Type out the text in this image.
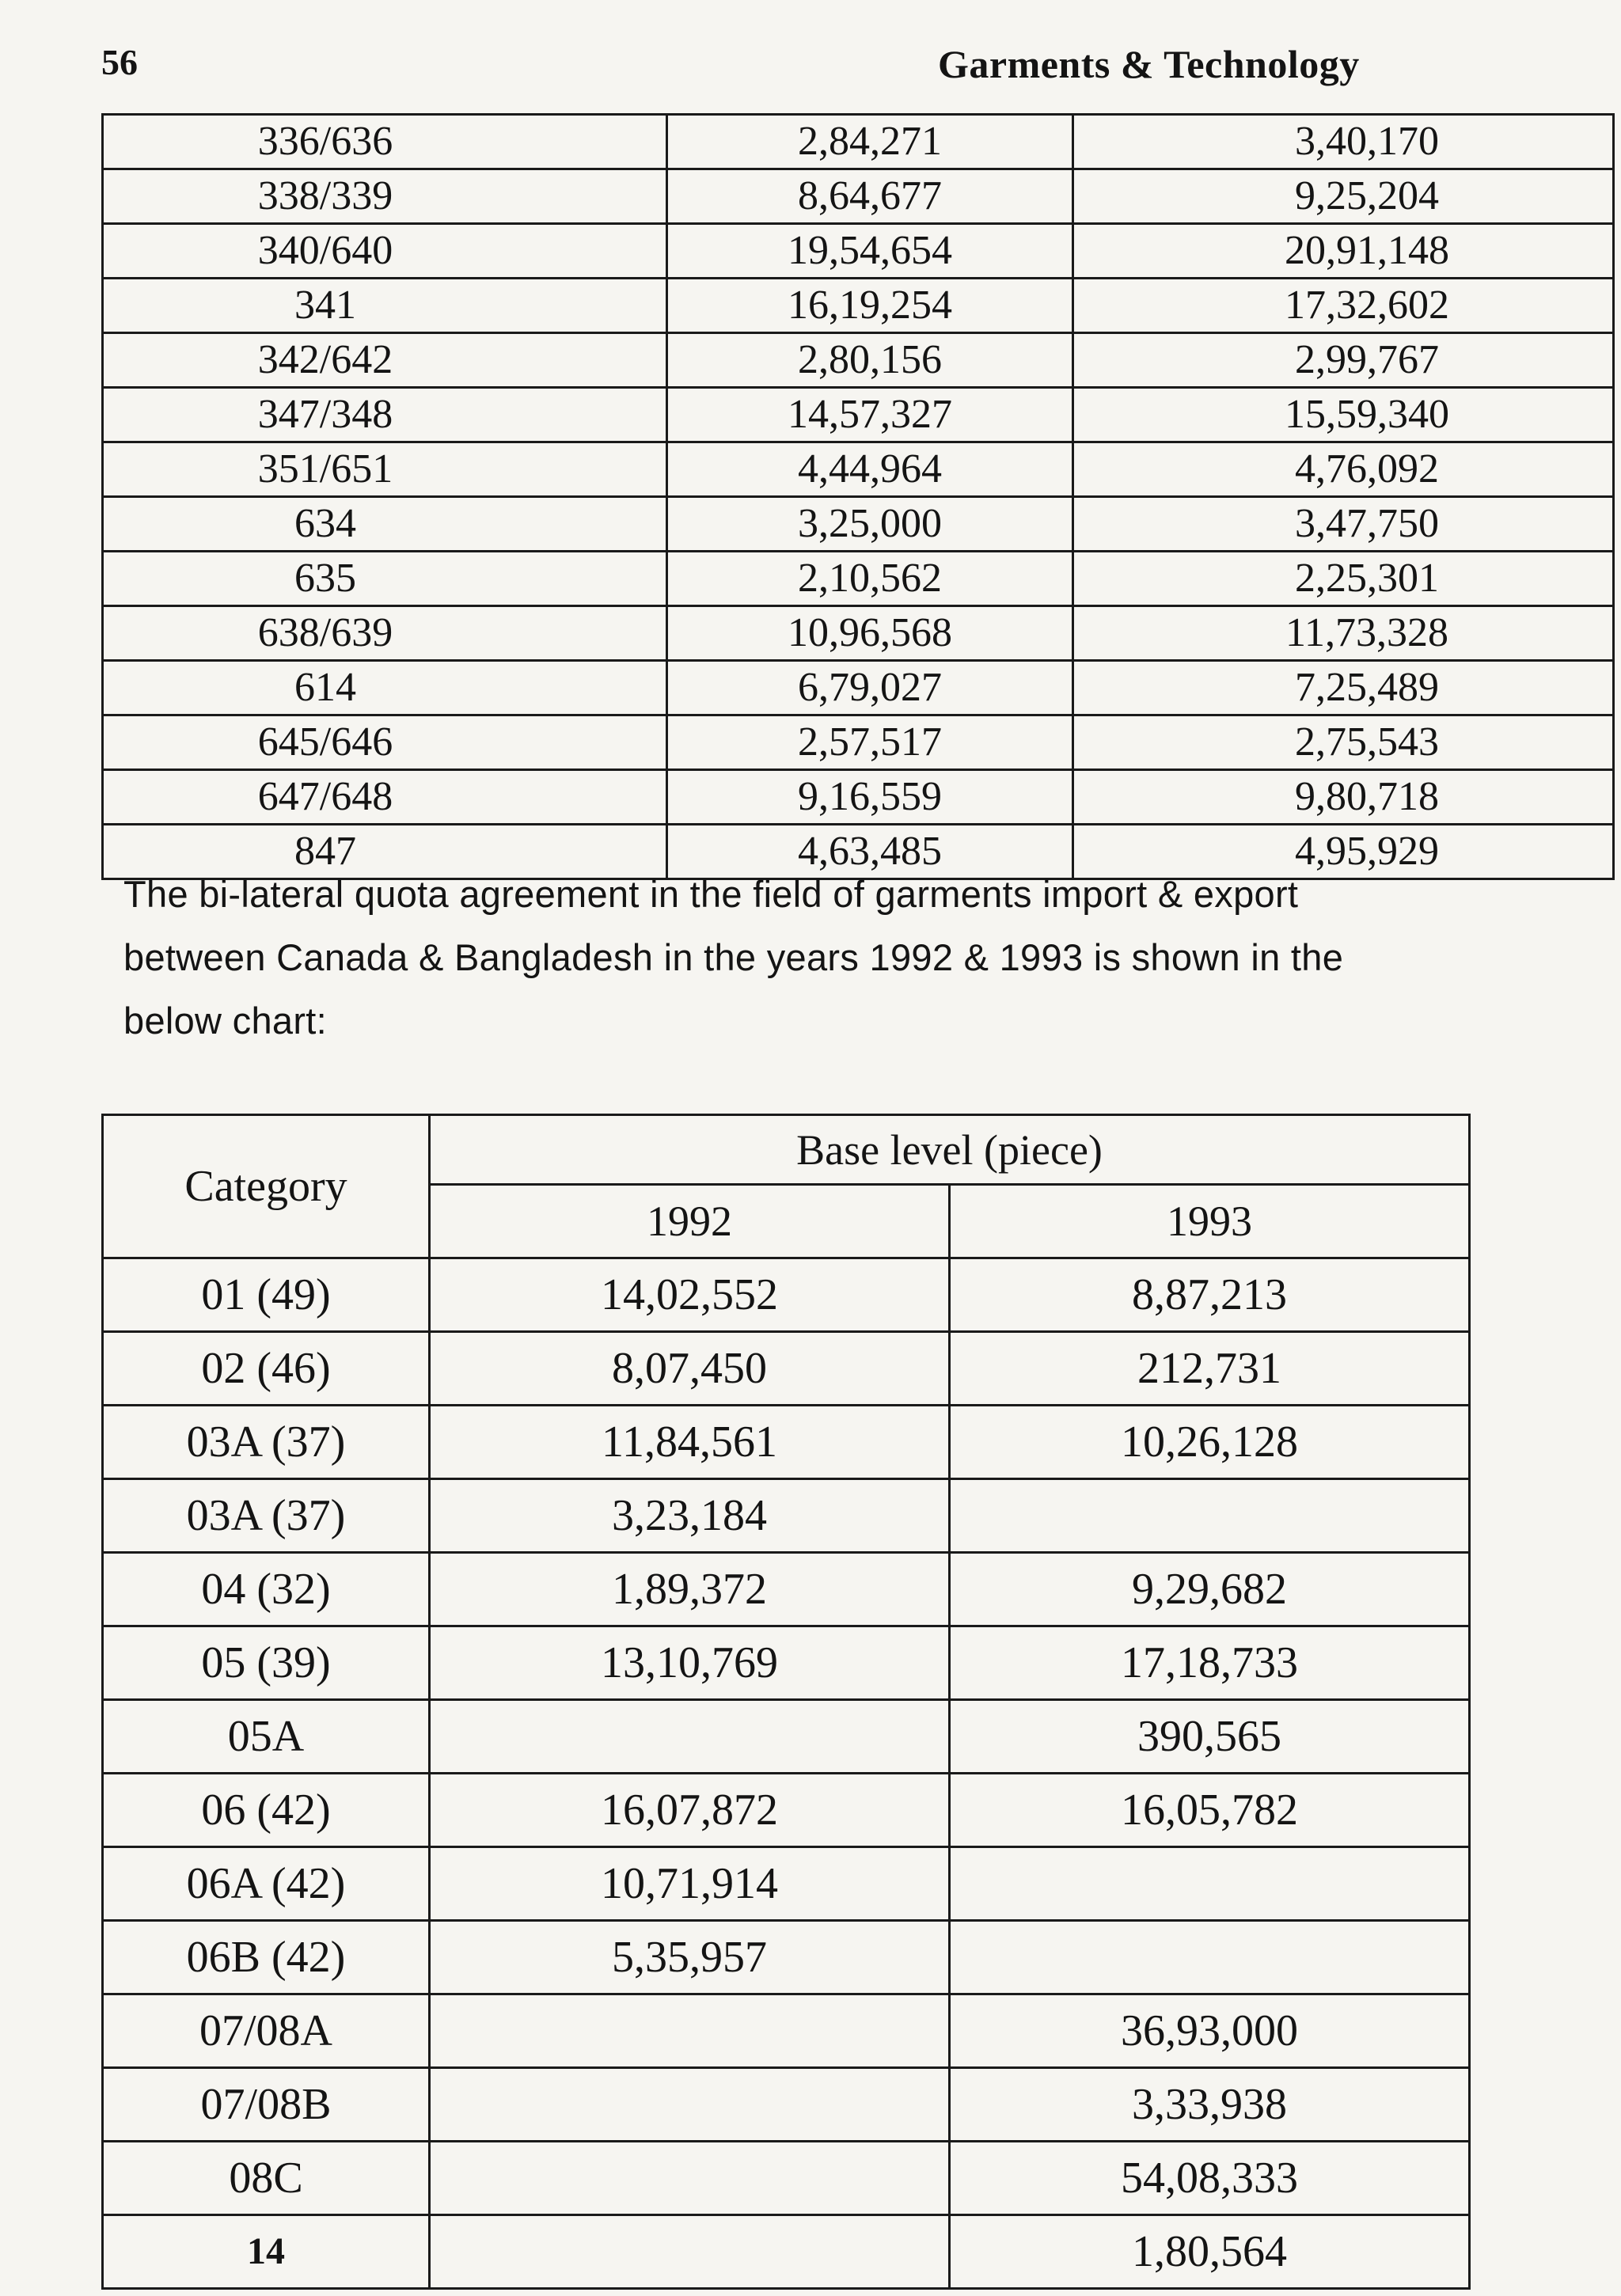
56	Garments & Technology
336/636	2,84,271	3,40,170
338/339	8,64,677	9,25,204
340/640	19,54,654	20,91,148
341	16,19,254	17,32,602
342/642	2,80,156	2,99,767
347/348	14,57,327	15,59,340
351/651	4,44,964	4,76,092
634	3,25,000	3,47,750
635	2,10,562	2,25,301
638/639	10,96,568	11,73,328
614	6,79,027	7,25,489
645/646	2,57,517	2,75,543
647/648	9,16,559	9,80,718
847	4,63,485	4,95,929

The bi-lateral quota agreement in the field of garments import & export between Canada & Bangladesh in the years 1992 & 1993 is shown in the below chart:

Category	Base level (piece)	
	1992	1993
01 (49)	14,02,552	8,87,213
02 (46)	8,07,450	212,731
03A (37)	11,84,561	10,26,128
03A (37)	3,23,184	
04 (32)	1,89,372	9,29,682
05 (39)	13,10,769	17,18,733
05A		390,565
06 (42)	16,07,872	16,05,782
06A (42)	10,71,914	
06B (42)	5,35,957	
07/08A		36,93,000
07/08B		3,33,938
08C		54,08,333
14		1,80,564
